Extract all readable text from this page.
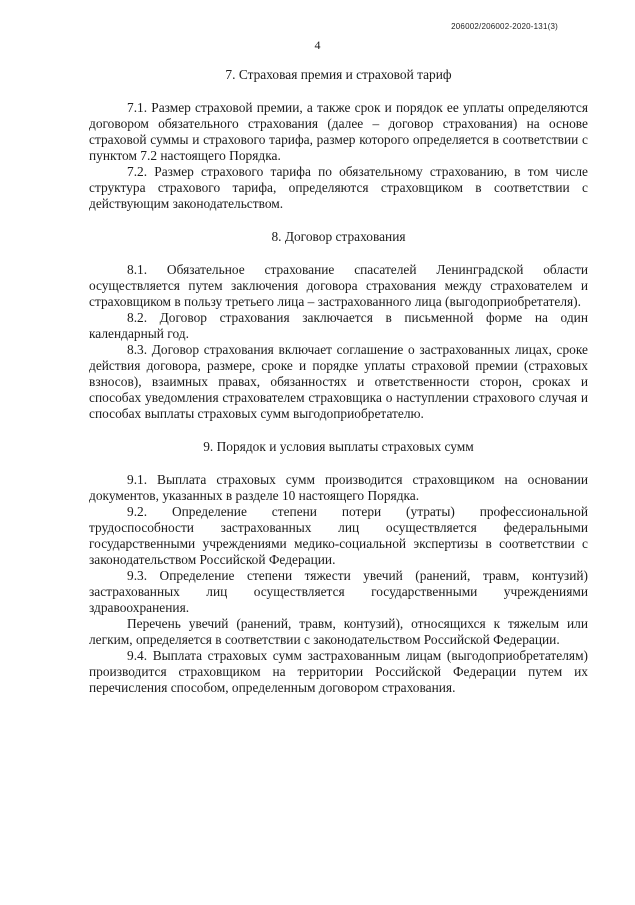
206002/206002-2020-131(3)
4
7. Страховая премия и страховой тариф

7.1. Размер страховой премии, а также срок и порядок ее уплаты определяются договором обязательного страхования (далее – договор страхования) на основе страховой суммы и страхового тарифа, размер которого определяется в соответствии с пунктом 7.2 настоящего Порядка.

7.2. Размер страхового тарифа по обязательному страхованию, в том числе структура страхового тарифа, определяются страховщиком в соответствии с действующим законодательством.

8. Договор страхования

8.1. Обязательное страхование спасателей Ленинградской области осуществляется путем заключения договора страхования между страхователем и страховщиком в пользу третьего лица – застрахованного лица (выгодоприобретателя).

8.2. Договор страхования заключается в письменной форме на один календарный год.

8.3. Договор страхования включает соглашение о застрахованных лицах, сроке действия договора, размере, сроке и порядке уплаты страховой премии (страховых взносов), взаимных правах, обязанностях и ответственности сторон, сроках и способах уведомления страхователем страховщика о наступлении страхового случая и способах выплаты страховых сумм выгодоприобретателю.

9. Порядок и условия выплаты страховых сумм

9.1. Выплата страховых сумм производится страховщиком на основании документов, указанных в разделе 10 настоящего Порядка.

9.2. Определение степени потери (утраты) профессиональной трудоспособности застрахованных лиц осуществляется федеральными государственными учреждениями медико-социальной экспертизы в соответствии с законодательством Российской Федерации.

9.3. Определение степени тяжести увечий (ранений, травм, контузий) застрахованных лиц осуществляется государственными учреждениями здравоохранения.

Перечень увечий (ранений, травм, контузий), относящихся к тяжелым или легким, определяется в соответствии с законодательством Российской Федерации.

9.4. Выплата страховых сумм застрахованным лицам (выгодоприобретателям) производится страховщиком на территории Российской Федерации путем их перечисления способом, определенным договором страхования.
